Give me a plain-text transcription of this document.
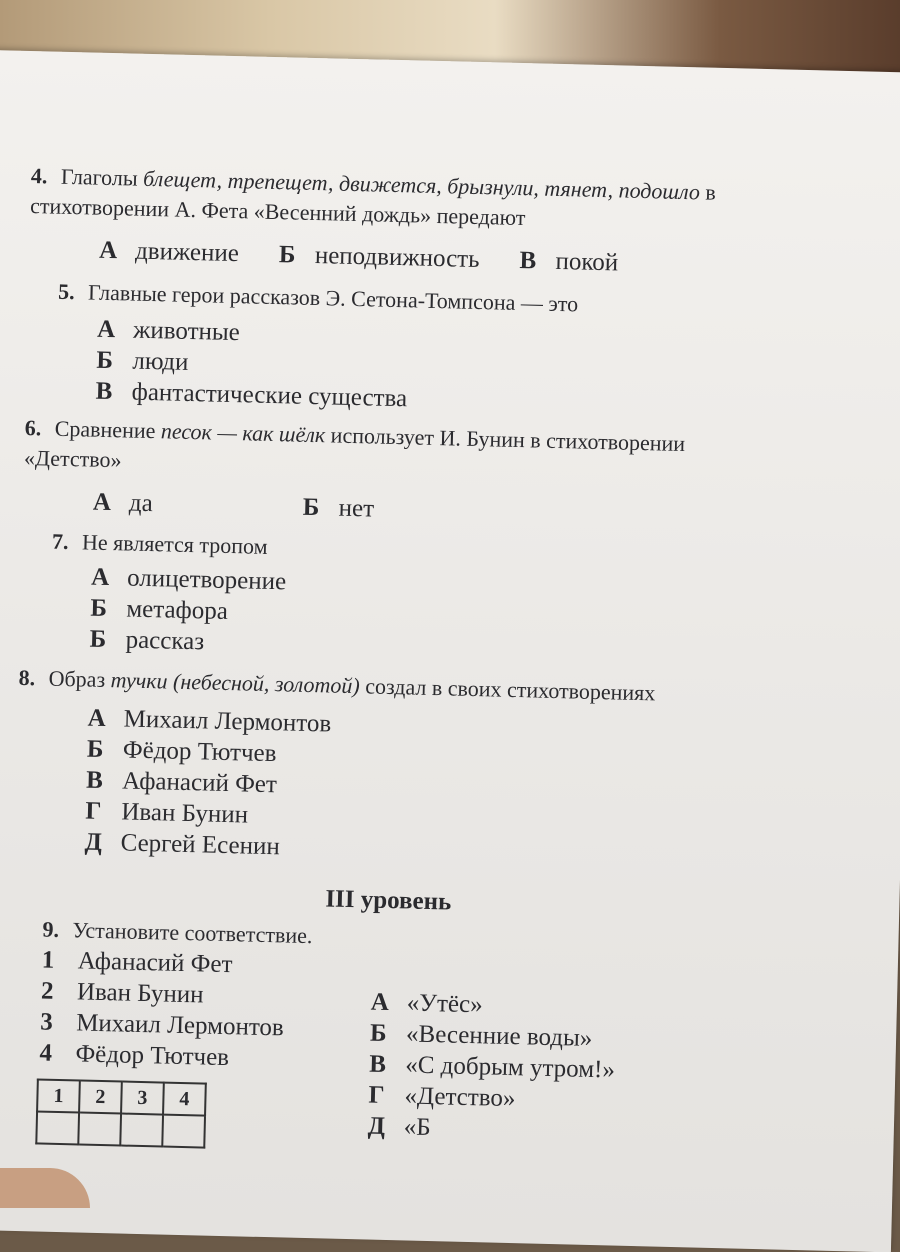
4. Глаголы блещет, трепещет, движется, брызнули, тянет, подошло в стихотворении А. Фета «Весенний дождь» передают

А движение Б неподвижность В покой

5. Главные герои рассказов Э. Сетона-Томпсона — это

А животные
Б люди
В фантастические существа

6. Сравнение песок — как шёлк использует И. Бунин в стихотворении «Детство»

А да	Б нет

7. Не является тропом

А олицетворение
Б метафора
Б рассказ

8. Образ тучки (небесной, золотой) создал в своих стихотворениях

А Михаил Лермонтов
Б Фёдор Тютчев
В Афанасий Фет
Г Иван Бунин
Д Сергей Есенин
III уровень

9. Установите соответствие.

1 Афанасий Фет
2 Иван Бунин
3 Михаил Лермонтов
4 Фёдор Тютчев
1	2	3	4

А «Утёс»
Б «Весенние воды»
В «С добрым утром!»
Г «Детство»
Д «Б
